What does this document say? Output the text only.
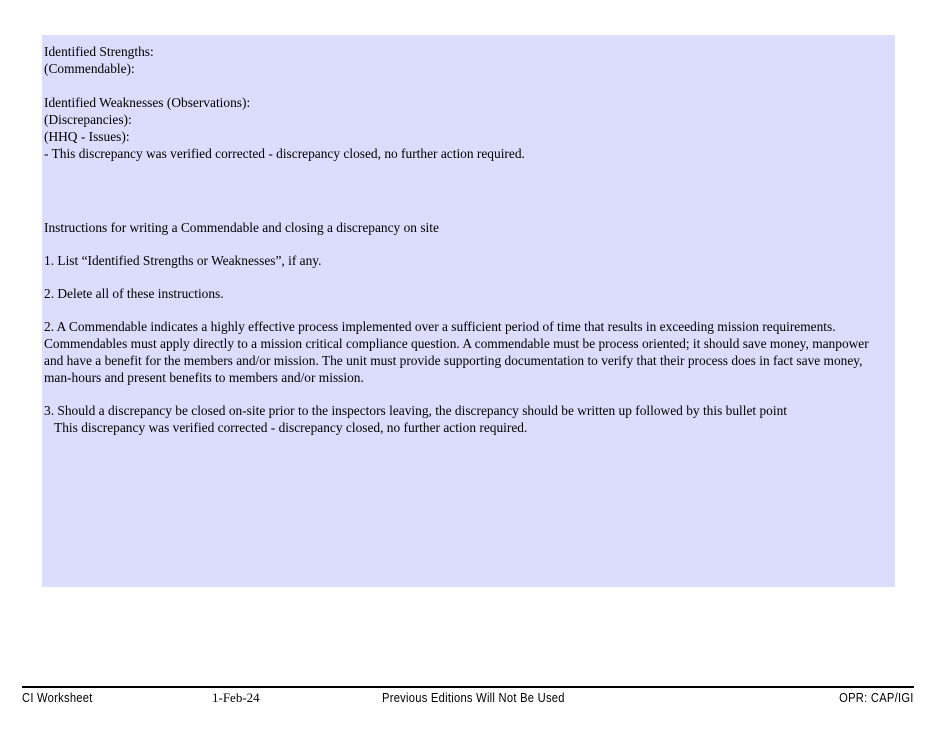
Identified Strengths:
(Commendable):
Identified Weaknesses (Observations):
(Discrepancies):
(HHQ - Issues):
- This discrepancy was verified corrected - discrepancy closed, no further action required.
Instructions for writing a Commendable and closing a discrepancy on site
1. List “Identified Strengths or Weaknesses”, if any.
2. Delete all of these instructions.

2. A Commendable indicates a highly effective process implemented over a sufficient period of time that results in exceeding mission requirements. Commendables must apply directly to a mission critical compliance question. A commendable must be process oriented; it should save money, manpower and have a benefit for the members and/or mission. The unit must provide supporting documentation to verify that their process does in fact save money, man-hours and present benefits to members and/or mission.

3. Should a discrepancy be closed on-site prior to the inspectors leaving, the discrepancy should be written up followed by this bullet point
This discrepancy was verified corrected - discrepancy closed, no further action required.
CI Worksheet	1-Feb-24	Previous Editions Will Not Be Used	OPR: CAP/IGI
